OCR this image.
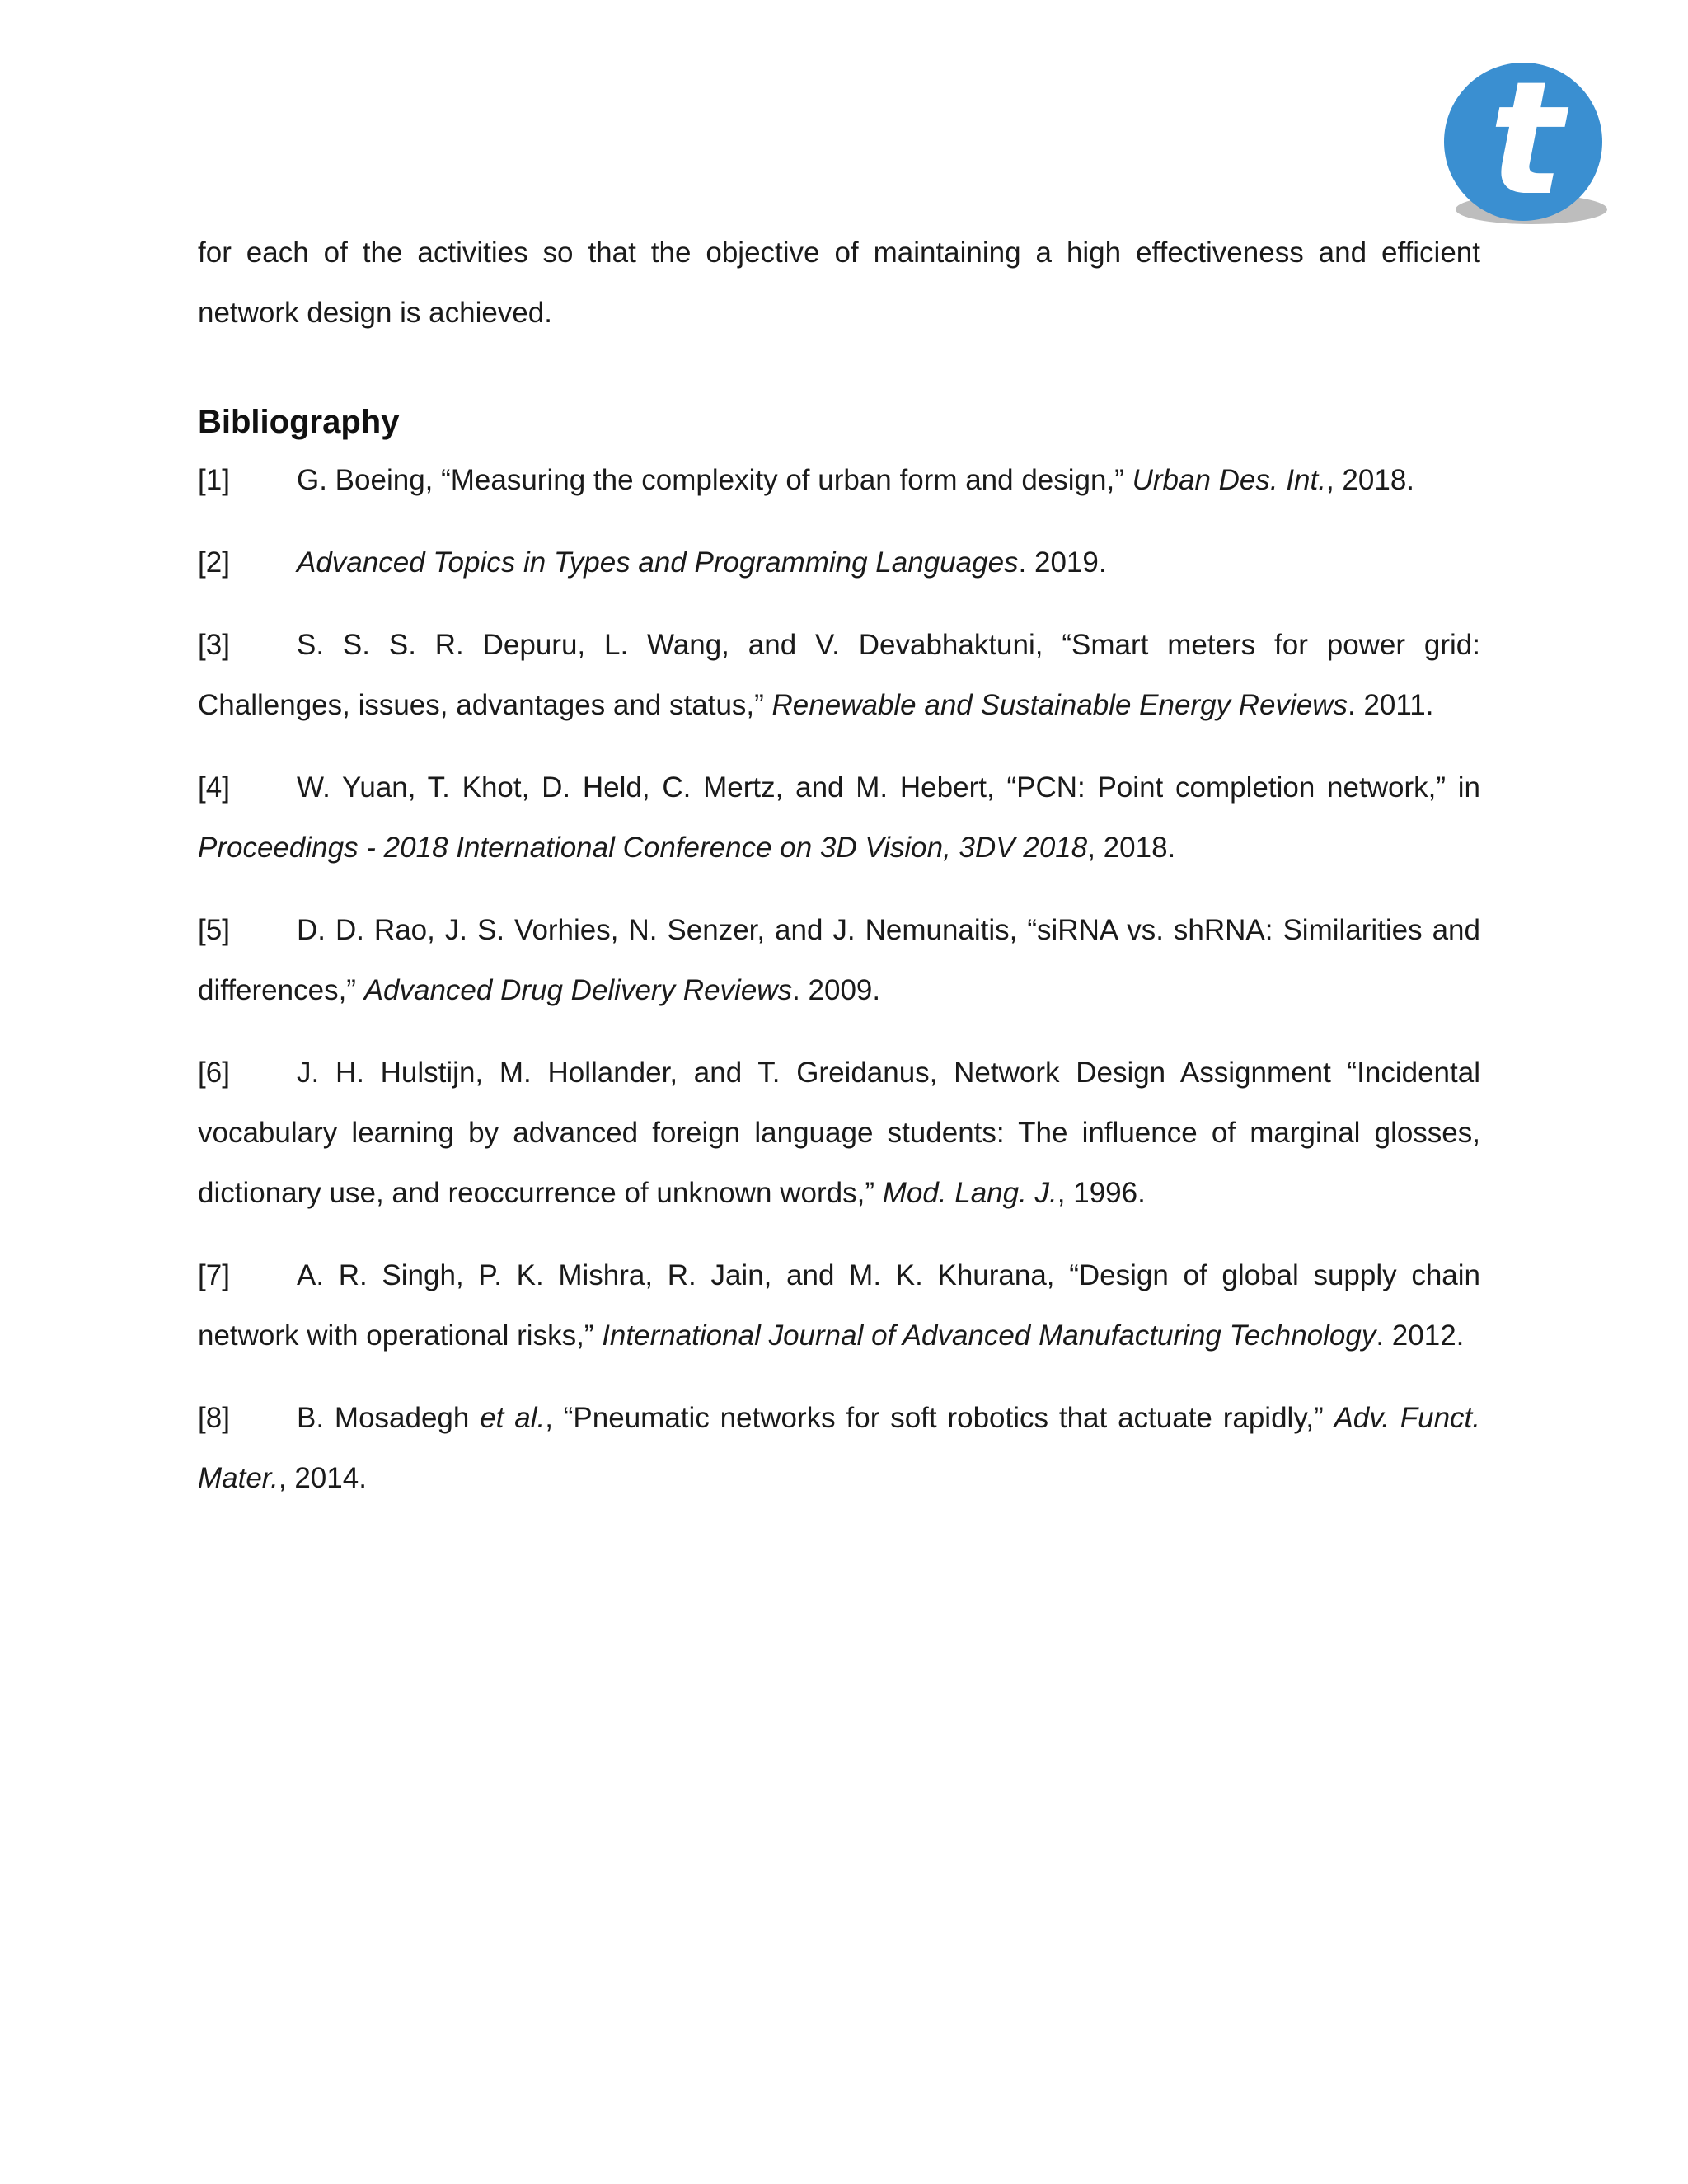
t

for each of the activities so that the objective of maintaining a high effectiveness and efficient network design is achieved.

Bibliography

[1] G. Boeing, “Measuring the complexity of urban form and design,” Urban Des. Int., 2018.

[2] Advanced Topics in Types and Programming Languages. 2019.

[3] S. S. S. R. Depuru, L. Wang, and V. Devabhaktuni, “Smart meters for power grid: Challenges, issues, advantages and status,” Renewable and Sustainable Energy Reviews. 2011.

[4] W. Yuan, T. Khot, D. Held, C. Mertz, and M. Hebert, “PCN: Point completion network,” in Proceedings - 2018 International Conference on 3D Vision, 3DV 2018, 2018.

[5] D. D. Rao, J. S. Vorhies, N. Senzer, and J. Nemunaitis, “siRNA vs. shRNA: Similarities and differences,” Advanced Drug Delivery Reviews. 2009.

[6] J. H. Hulstijn, M. Hollander, and T. Greidanus, Network Design Assignment “Incidental vocabulary learning by advanced foreign language students: The influence of marginal glosses, dictionary use, and reoccurrence of unknown words,” Mod. Lang. J., 1996.

[7] A. R. Singh, P. K. Mishra, R. Jain, and M. K. Khurana, “Design of global supply chain network with operational risks,” International Journal of Advanced Manufacturing Technology. 2012.

[8] B. Mosadegh et al., “Pneumatic networks for soft robotics that actuate rapidly,” Adv. Funct. Mater., 2014.
